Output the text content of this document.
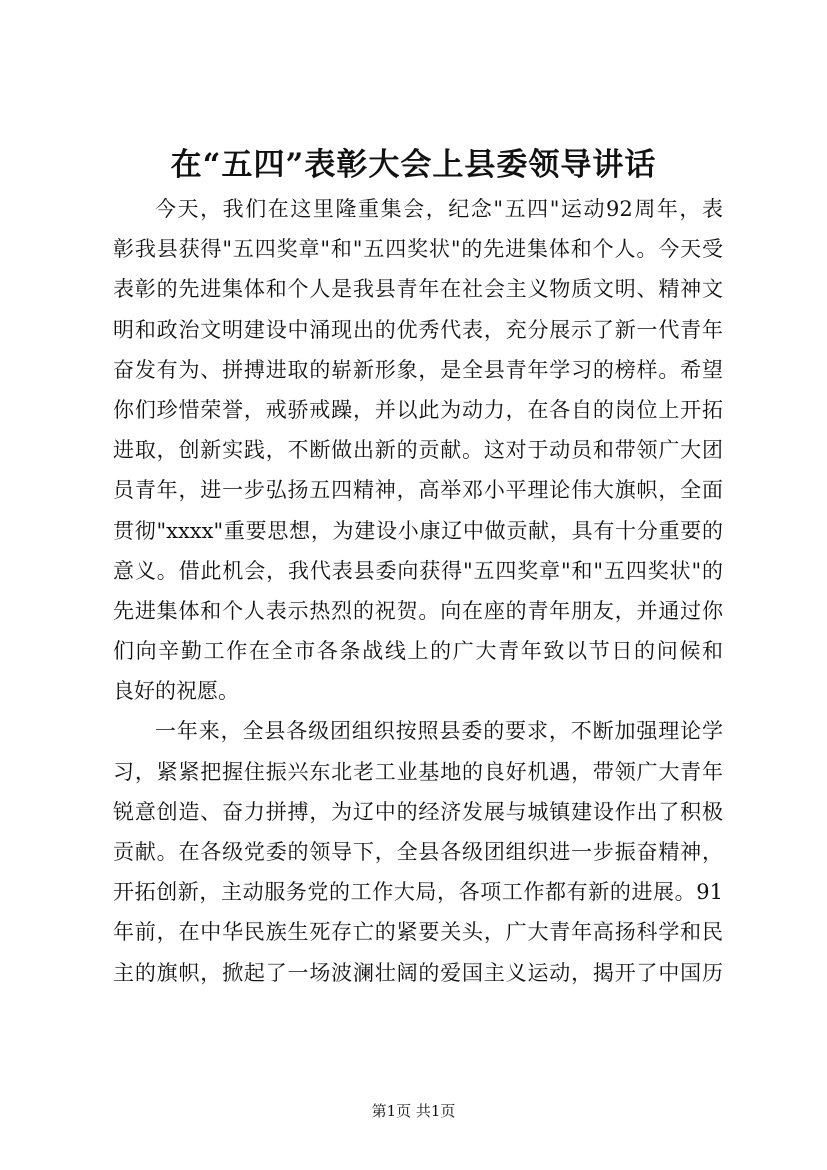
在“五四”表彰大会上县委领导讲话
今天，我们在这里隆重集会，纪念"五四"运动92周年，表
彰我县获得"五四奖章"和"五四奖状"的先进集体和个人。今天受
表彰的先进集体和个人是我县青年在社会主义物质文明、精神文
明和政治文明建设中涌现出的优秀代表，充分展示了新一代青年
奋发有为、拼搏进取的崭新形象，是全县青年学习的榜样。希望
你们珍惜荣誉，戒骄戒躁，并以此为动力，在各自的岗位上开拓
进取，创新实践，不断做出新的贡献。这对于动员和带领广大团
员青年，进一步弘扬五四精神，高举邓小平理论伟大旗帜，全面
贯彻"xxxx"重要思想，为建设小康辽中做贡献，具有十分重要的
意义。借此机会，我代表县委向获得"五四奖章"和"五四奖状"的
先进集体和个人表示热烈的祝贺。向在座的青年朋友，并通过你
们向辛勤工作在全市各条战线上的广大青年致以节日的问候和
良好的祝愿。
一年来，全县各级团组织按照县委的要求，不断加强理论学
习，紧紧把握住振兴东北老工业基地的良好机遇，带领广大青年
锐意创造、奋力拼搏，为辽中的经济发展与城镇建设作出了积极
贡献。在各级党委的领导下，全县各级团组织进一步振奋精神，
开拓创新，主动服务党的工作大局，各项工作都有新的进展。91
年前，在中华民族生死存亡的紧要关头，广大青年高扬科学和民
主的旗帜，掀起了一场波澜壮阔的爱国主义运动，揭开了中国历
第1页 共1页
